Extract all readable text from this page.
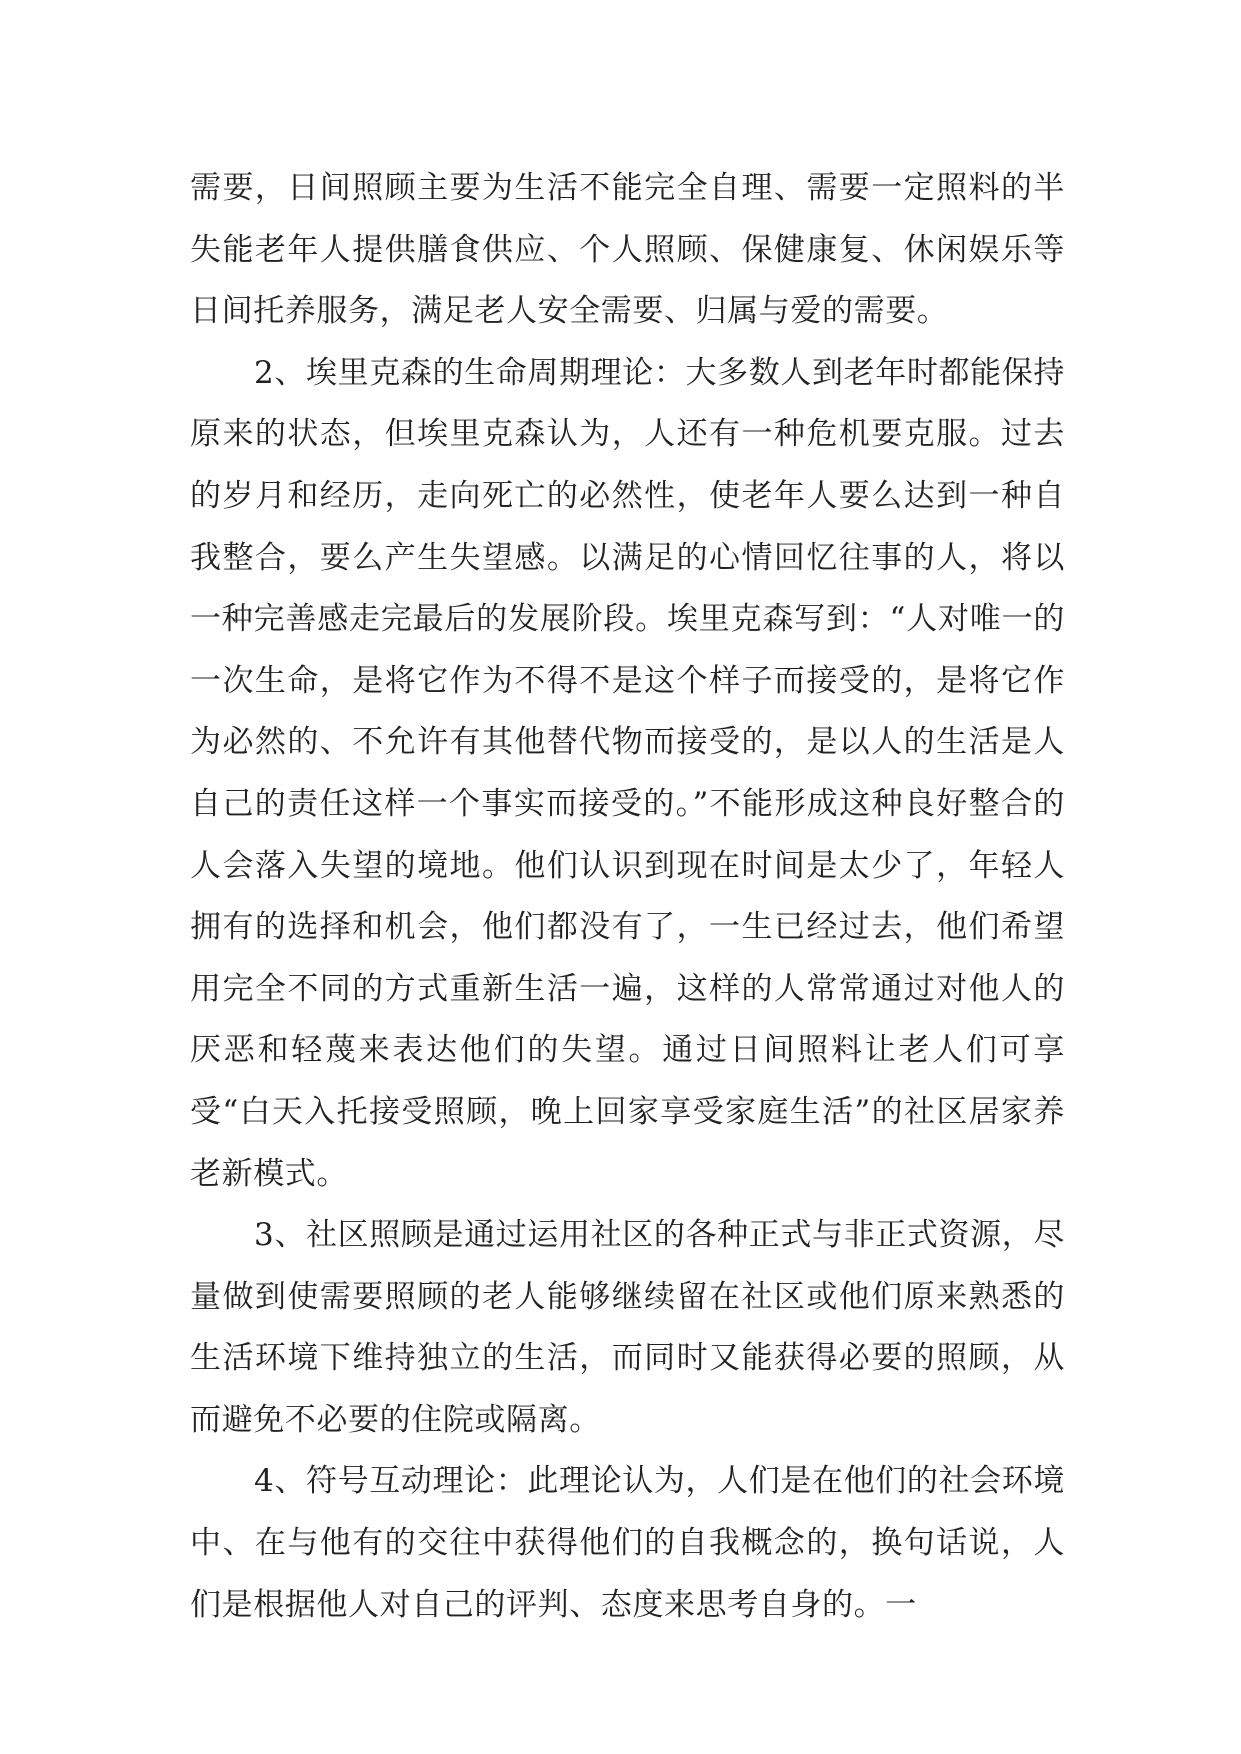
需要，日间照顾主要为生活不能完全自理、需要一定照料的半失能老年人提供膳食供应、个人照顾、保健康复、休闲娱乐等日间托养服务，满足老人安全需要、归属与爱的需要。

2、埃里克森的生命周期理论：大多数人到老年时都能保持原来的状态，但埃里克森认为，人还有一种危机要克服。过去的岁月和经历，走向死亡的必然性，使老年人要么达到一种自我整合，要么产生失望感。以满足的心情回忆往事的人，将以一种完善感走完最后的发展阶段。埃里克森写到：“人对唯一的一次生命，是将它作为不得不是这个样子而接受的，是将它作为必然的、不允许有其他替代物而接受的，是以人的生活是人自己的责任这样一个事实而接受的。”不能形成这种良好整合的人会落入失望的境地。他们认识到现在时间是太少了，年轻人拥有的选择和机会，他们都没有了，一生已经过去，他们希望用完全不同的方式重新生活一遍，这样的人常常通过对他人的厌恶和轻蔑来表达他们的失望。通过日间照料让老人们可享受“白天入托接受照顾，晚上回家享受家庭生活”的社区居家养老新模式。

3、社区照顾是通过运用社区的各种正式与非正式资源，尽量做到使需要照顾的老人能够继续留在社区或他们原来熟悉的生活环境下维持独立的生活，而同时又能获得必要的照顾，从而避免不必要的住院或隔离。

4、符号互动理论：此理论认为，人们是在他们的社会环境中、在与他有的交往中获得他们的自我概念的，换句话说，人们是根据他人对自己的评判、态度来思考自身的。一
